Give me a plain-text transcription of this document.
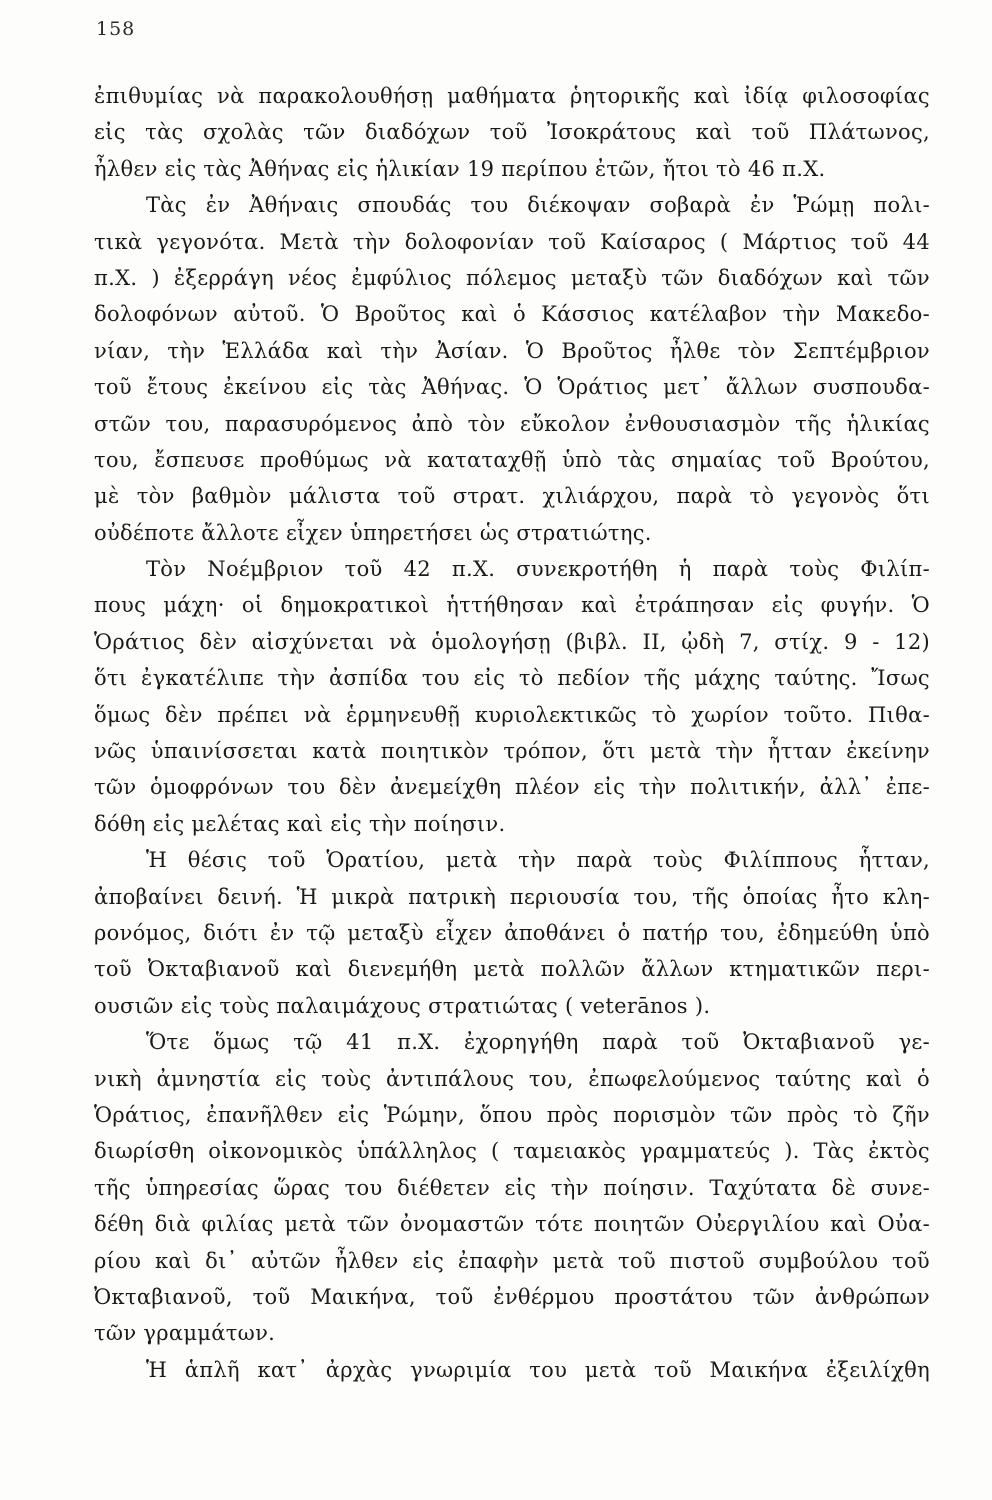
158
ἐπιθυμίας νὰ παρακολουθήσῃ μαθήματα ῥητορικῆς καὶ ἰδίᾳ φιλοσοφίας
εἰς τὰς σχολὰς τῶν διαδόχων τοῦ Ἰσοκράτους καὶ τοῦ Πλάτωνος,
ἦλθεν εἰς τὰς Ἀθήνας εἰς ἡλικίαν 19 περίπου ἐτῶν, ἤτοι τὸ 46 π.Χ.
Τὰς ἐν Ἀθήναις σπουδάς του διέκοψαν σοβαρὰ ἐν Ῥώμῃ πολι-
τικὰ γεγονότα. Μετὰ τὴν δολοφονίαν τοῦ Καίσαρος ( Μάρτιος τοῦ 44
π.Χ. ) ἐξερράγη νέος ἐμφύλιος πόλεμος μεταξὺ τῶν διαδόχων καὶ τῶν
δολοφόνων αὐτοῦ. Ὁ Βροῦτος καὶ ὁ Κάσσιος κατέλαβον τὴν Μακεδο-
νίαν, τὴν Ἑλλάδα καὶ τὴν Ἀσίαν. Ὁ Βροῦτος ἦλθε τὸν Σεπτέμβριον
τοῦ ἔτους ἐκείνου εἰς τὰς Ἀθήνας. Ὁ Ὁράτιος μετ᾿ ἄλλων συσπουδα-
στῶν του, παρασυρόμενος ἀπὸ τὸν εὔκολον ἐνθουσιασμὸν τῆς ἡλικίας
του, ἔσπευσε προθύμως νὰ καταταχθῇ ὑπὸ τὰς σημαίας τοῦ Βρούτου,
μὲ τὸν βαθμὸν μάλιστα τοῦ στρατ. χιλιάρχου, παρὰ τὸ γεγονὸς ὅτι
οὐδέποτε ἄλλοτε εἶχεν ὑπηρετήσει ὡς στρατιώτης.
Τὸν Νοέμβριον τοῦ 42 π.Χ. συνεκροτήθη ἡ παρὰ τοὺς Φιλίπ-
πους μάχη· οἱ δημοκρατικοὶ ἡττήθησαν καὶ ἐτράπησαν εἰς φυγήν. Ὁ
Ὁράτιος δὲν αἰσχύνεται νὰ ὁμολογήσῃ (βιβλ. ΙΙ, ᾠδὴ 7, στίχ. 9 - 12)
ὅτι ἐγκατέλιπε τὴν ἀσπίδα του εἰς τὸ πεδίον τῆς μάχης ταύτης. Ἴσως
ὅμως δὲν πρέπει νὰ ἑρμηνευθῇ κυριολεκτικῶς τὸ χωρίον τοῦτο. Πιθα-
νῶς ὑπαινίσσεται κατὰ ποιητικὸν τρόπον, ὅτι μετὰ τὴν ἧτταν ἐκείνην
τῶν ὁμοφρόνων του δὲν ἀνεμείχθη πλέον εἰς τὴν πολιτικήν, ἀλλ᾿ ἐπε-
δόθη εἰς μελέτας καὶ εἰς τὴν ποίησιν.
Ἡ θέσις τοῦ Ὁρατίου, μετὰ τὴν παρὰ τοὺς Φιλίππους ἧτταν,
ἀποβαίνει δεινή. Ἡ μικρὰ πατρικὴ περιουσία του, τῆς ὁποίας ἦτο κλη-
ρονόμος, διότι ἐν τῷ μεταξὺ εἶχεν ἀποθάνει ὁ πατήρ του, ἐδημεύθη ὑπὸ
τοῦ Ὀκταβιανοῦ καὶ διενεμήθη μετὰ πολλῶν ἄλλων κτηματικῶν περι-
ουσιῶν εἰς τοὺς παλαιμάχους στρατιώτας ( veterānos ).
Ὅτε ὅμως τῷ 41 π.Χ. ἐχορηγήθη παρὰ τοῦ Ὀκταβιανοῦ γε-
νικὴ ἀμνηστία εἰς τοὺς ἀντιπάλους του, ἐπωφελούμενος ταύτης καὶ ὁ
Ὁράτιος, ἐπανῆλθεν εἰς Ῥώμην, ὅπου πρὸς πορισμὸν τῶν πρὸς τὸ ζῆν
διωρίσθη οἰκονομικὸς ὑπάλληλος ( ταμειακὸς γραμματεύς ). Τὰς ἐκτὸς
τῆς ὑπηρεσίας ὥρας του διέθετεν εἰς τὴν ποίησιν. Ταχύτατα δὲ συνε-
δέθη διὰ φιλίας μετὰ τῶν ὀνομαστῶν τότε ποιητῶν Οὐεργιλίου καὶ Οὐα-
ρίου καὶ δι᾿ αὐτῶν ἦλθεν εἰς ἐπαφὴν μετὰ τοῦ πιστοῦ συμβούλου τοῦ
Ὀκταβιανοῦ, τοῦ Μαικήνα, τοῦ ἐνθέρμου προστάτου τῶν ἀνθρώπων
τῶν γραμμάτων.
Ἡ ἁπλῆ κατ᾿ ἀρχὰς γνωριμία του μετὰ τοῦ Μαικήνα ἐξειλίχθη
